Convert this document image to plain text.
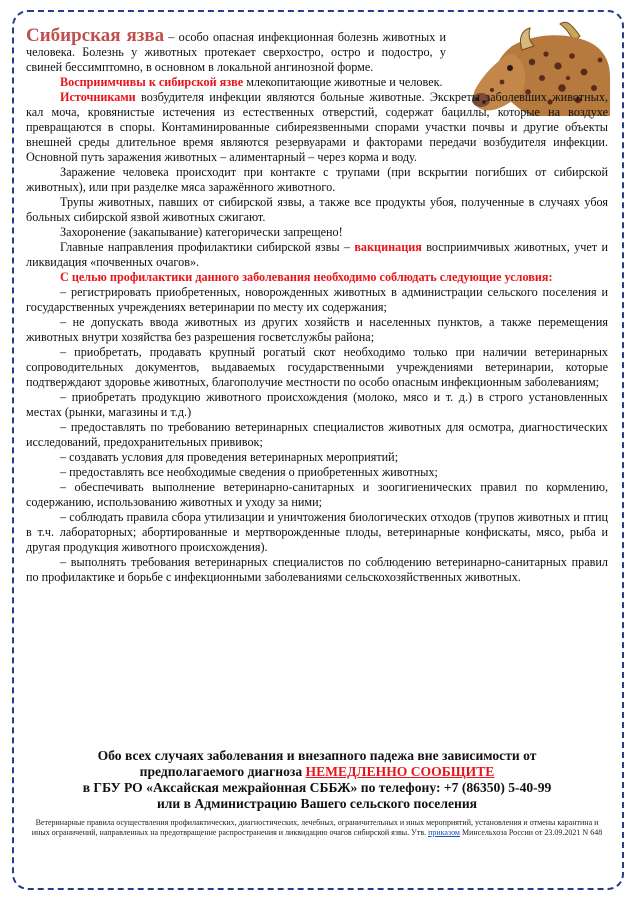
Сибирская язва – особо опасная инфекционная болезнь животных и человека. Болезнь у животных протекает сверхостро, остро и подостро, у свиней бессимптомно, в основном в локальной ангинозной форме.

Восприимчивы к сибирской язве млекопитающие животные и человек.

Источниками возбудителя инфекции являются больные животные. Экскреты заболевших животных, кал моча, кровянистые истечения из естественных отверстий, содержат бациллы, которые на воздухе превращаются в споры. Контаминированные сибиреязвенными спорами участки почвы и другие объекты внешней среды длительное время являются резервуарами и факторами передачи возбудителя инфекции. Основной путь заражения животных – алиментарный – через корма и воду.

Заражение человека происходит при контакте с трупами (при вскрытии погибших от сибирской животных), или при разделке мяса заражённого животного.

Трупы животных, павших от сибирской язвы, а также все продукты убоя, полученные в случаях убоя больных сибирской язвой животных сжигают.

Захоронение (закапывание) категорически запрещено!

Главные направления профилактики сибирской язвы – вакцинация восприимчивых животных, учет и ликвидация «почвенных очагов».

С целью профилактики данного заболевания необходимо соблюдать следующие условия:

– регистрировать приобретенных, новорожденных животных в администрации сельского поселения и государственных учреждениях ветеринарии по месту их содержания;

– не допускать ввода животных из других хозяйств и населенных пунктов, а также перемещения животных внутри хозяйства без разрешения госветслужбы района;

– приобретать, продавать крупный рогатый скот необходимо только при наличии ветеринарных сопроводительных документов, выдаваемых государственными учреждениями ветеринарии, которые подтверждают здоровье животных, благополучие местности по особо опасным инфекционным заболеваниям;

– приобретать продукцию животного происхождения (молоко, мясо и т. д.) в строго установленных местах (рынки, магазины и т.д.)

– предоставлять по требованию ветеринарных специалистов животных для осмотра, диагностических исследований, предохранительных прививок;

– создавать условия для проведения ветеринарных мероприятий;

– предоставлять все необходимые сведения о приобретенных животных;

– обеспечивать выполнение ветеринарно-санитарных и зоогигиенических правил по кормлению, содержанию, использованию животных и уходу за ними;

– соблюдать правила сбора утилизации и уничтожения биологических отходов (трупов животных и птиц в т.ч. лабораторных; абортированные и мертворожденные плоды, ветеринарные конфискаты, мясо, рыба и другая продукция животного происхождения).

– выполнять требования ветеринарных специалистов по соблюдению ветеринарно-санитарных правил по профилактике и борьбе с инфекционными заболеваниями сельскохозяйственных животных.

Обо всех случаях заболевания и внезапного падежа вне зависимости от
предполагаемого диагноза НЕМЕДЛЕННО СООБЩИТЕ
в ГБУ РО «Аксайская межрайонная СББЖ» по телефону: +7 (86350) 5-40-99
или в Администрацию Вашего сельского поселения
Ветеринарные правила осуществления профилактических, диагностических, лечебных, ограничительных и иных мероприятий, установления и отмены карантина и иных ограничений, направленных на предотвращение распространения и ликвидацию очагов сибирской язвы. Утв. приказом Минсельхоза России от 23.09.2021 N 648
